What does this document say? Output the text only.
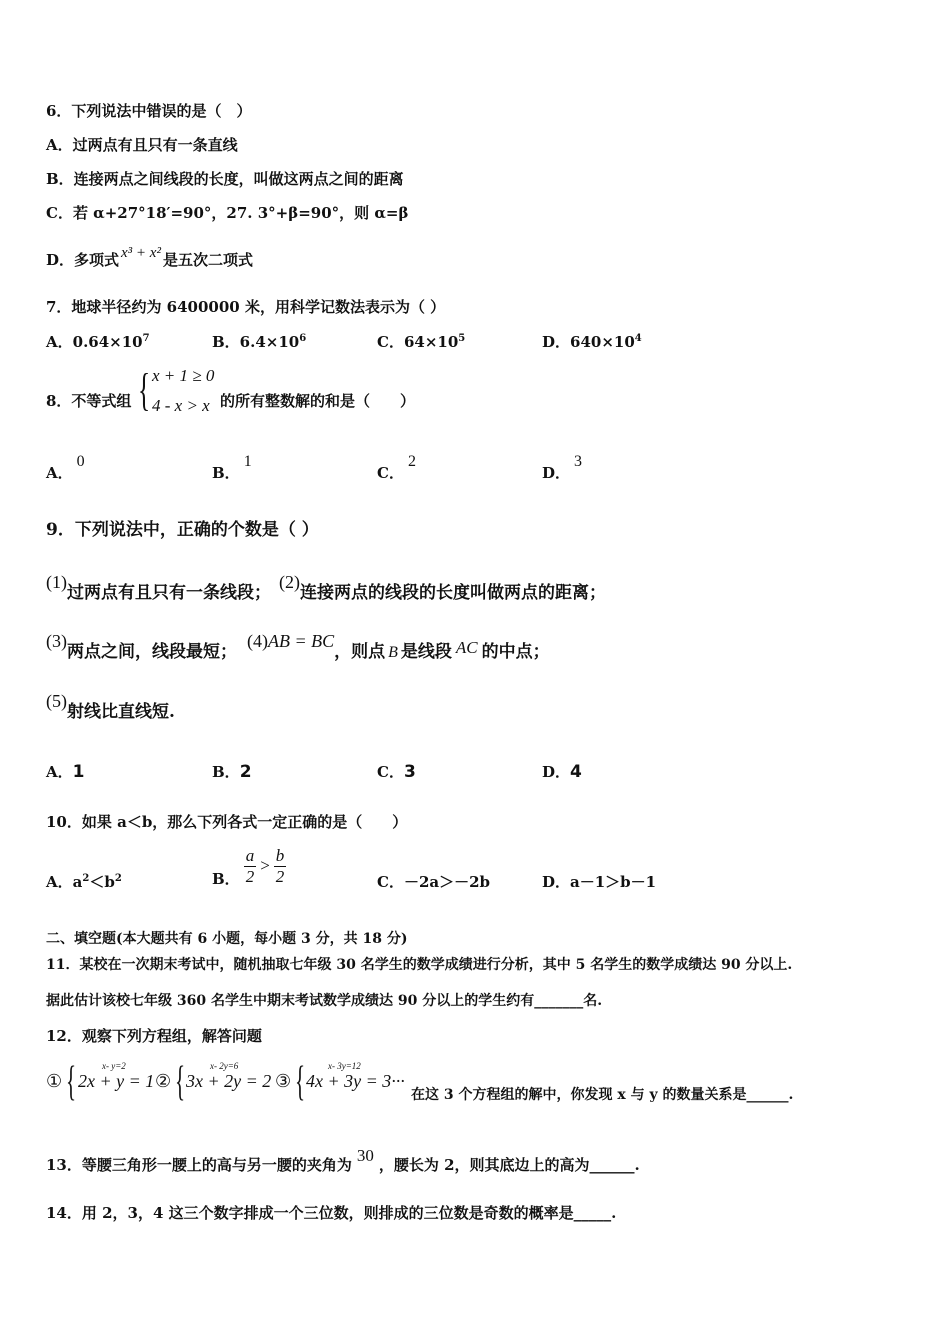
6．下列说法中错误的是（　）
A．过两点有且只有一条直线
B．连接两点之间线段的长度，叫做这两点之间的距离
C．若 α+27°18′=90°，27. 3°+β=90°，则 α=β
D．多项式 x³ + x² 是五次二项式
7．地球半径约为 6400000 米，用科学记数法表示为（ ）
A．$0.64\times 10^7$	B．$6.4\times 10^6$	C．$64\times 10^5$	D．$640\times 10^4$
8．不等式组 { x + 1 ≥ 0
4 - x > x 的所有整数解的和是（　　）
A．0
B．1
C．2
D．3
9．下列说法中，正确的个数是（ ）
(1)过两点有且只有一条线段；(2)连接两点的线段的长度叫做两点的距离；
(3)两点之间，线段最短；(4)AB = BC，则点 B 是线段 AC 的中点；
(5)射线比直线短.
A．1	B．2	C．3	D．4
10．如果 a＜b，那么下列各式一定正确的是（　　）
A．$a^2<b^2$	B． $\frac{a}{2} > \frac{b}{2}$	C．－2a＞－2b	D．a－1＞b－1
二、填空题(本大题共有 6 小题，每小题 3 分，共 18 分)
11．某校在一次期末考试中，随机抽取七年级 30 名学生的数学成绩进行分析，其中 5 名学生的数学成绩达 90 分以上.
据此估计该校七年级 360 名学生中期末考试数学成绩达 90 分以上的学生约有_______名.
12．观察下列方程组，解答问题
① {	x- y=2
2x + y = 1 ② {	x- 2y=6
3x + 2y = 2 ③ {	x- 3y=12
4x + 3y = 3···
在这 3 个方程组的解中，你发现 x 与 y 的数量关系是______.
13．等腰三角形一腰上的高与另一腰的夹角为 30 ，腰长为 2，则其底边上的高为______.
14．用 2，3，4 这三个数字排成一个三位数，则排成的三位数是奇数的概率是_____.
